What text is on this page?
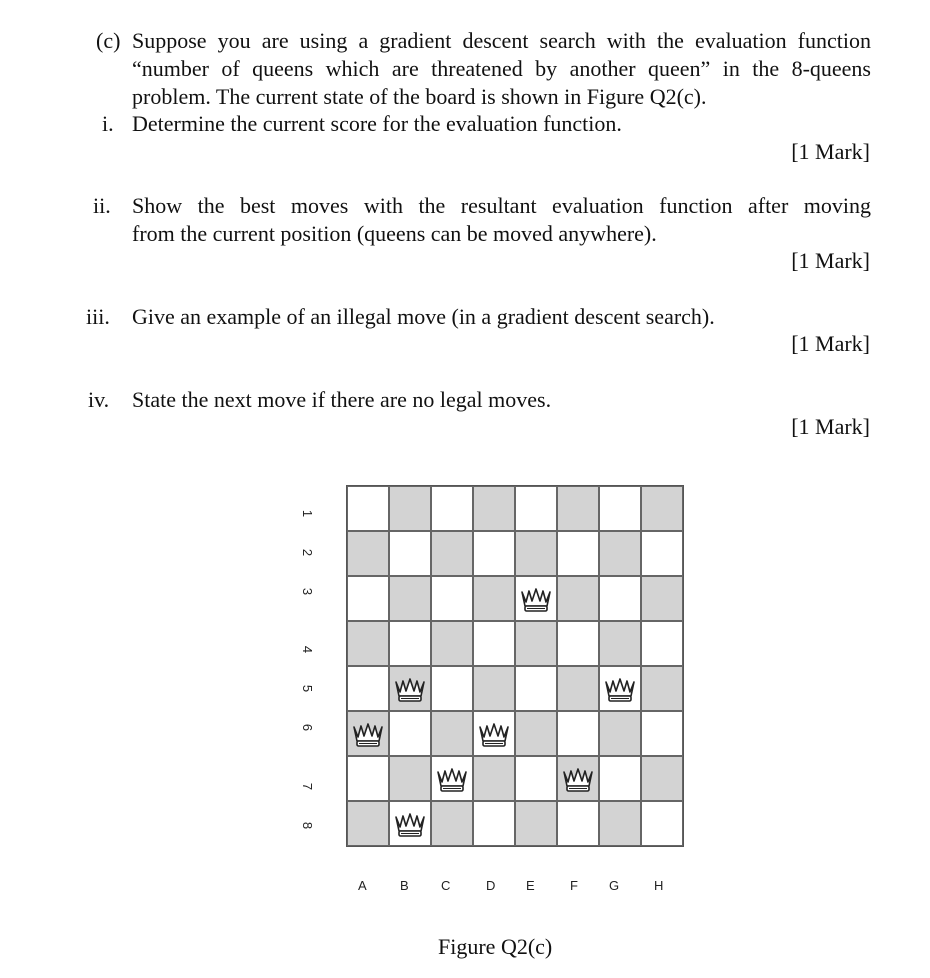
(c) Suppose you are using a gradient descent search with the evaluation function
“number of queens which are threatened by another queen” in the 8-queens
problem. The current state of the board is shown in Figure Q2(c).
i. Determine the current score for the evaluation function.
[1 Mark]
ii. Show the best moves with the resultant evaluation function after moving
from the current position (queens can be moved anywhere).
[1 Mark]
iii. Give an example of an illegal move (in a gradient descent search).
[1 Mark]
iv. State the next move if there are no legal moves.
[1 Mark]
1
2
3
4
5
6
7
8
A	B C	D E	F G	H
Figure Q2(c)
